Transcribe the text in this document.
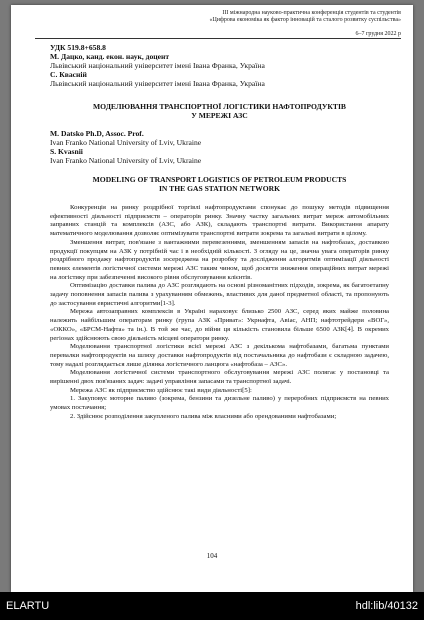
ІІІ міжнародна науково-практична конференція студентів та студентів
«Цифрова економіка як фактор інновацій та сталого розвитку суспільства»
6–7 грудня 2022 р
УДК 519.8+658.8
М. Дацко, канд. екон. наук, доцент
Львівський національний університет імені Івана Франка, Україна
С. Квасній
Львівський національний університет імені Івана Франка, Україна
МОДЕЛЮВАННЯ ТРАНСПОРТНОЇ ЛОГІСТИКИ НАФТОПРОДУКТІВ
У МЕРЕЖІ АЗС
M. Datsko Ph.D, Assoc. Prof.
Ivan Franko National University of Lviv, Ukraine
S. Kvasnii
Ivan Franko National University of Lviv, Ukraine
MODELING OF TRANSPORT LOGISTICS OF PETROLEUM PRODUCTS
IN THE GAS STATION NETWORK

Конкуренція на ринку роздрібної торгівлі нафтопродуктами спонукає до пошуку методів підвищення ефективності діяльності підприємств – операторів ринку. Значну частку загальних витрат мереж автомобільних заправних станцій та комплексів (АЗС, або АЗК), складають транспортні витрати. Використання апарату математичного моделювання дозволяє оптимізувати транспортні витрати зокрема та загальні витрати в цілому.

Зменшення витрат, пов'язане з вантажними перевезеннями, зменшенням запасів на нафтобазах, доставкою продукції покупцям на АЗК у потрібній час і в необхідній кількості. З огляду на це, значна увага операторів ринку роздрібного продажу нафтопродуктів зосереджена на розробку та дослідження алгоритмів оптимізації діяльності певних елементів логістичної системи мережі АЗС таким чином, щоб досягти зниження операційних витрат мережі на логістику при забезпеченні високого рівня обслуговування клієнтів.

Оптимізацію доставки палива до АЗС розглядають на основі різноманітних підходів, зокрема, як багатоетапну задачу поповнення запасів палива з урахуванням обмежень, властивих для даної предметної області, та пропонують до застосування евристичні алгоритми[1-3].

Мережа автозаправних комплексів в Україні нараховує близько 2500 АЗС, серед яких майже половина належить найбільшим операторам ринку (група АЗК «Приват»: Укрнафта, Авіас, АНП; нафтотрейдери «ВОГ», «ОККО», «БРСМ-Нафта» та ін.). В той же час, до війни ця кількість становила більше 6500 АЗК[4]. В окремих регіонах здійснюють свою діяльність місцеві оператори ринку.

Моделювання транспортної логістики всієї мережі АЗС з декількома нафтобазами, багатьма пунктами перевалки нафтопродуктів на шляху доставки нафтопродуктів від постачальника до нафтобази є складною задачею, тому надалі розглядається лише ділянка логістичного ланцюга «нафтобаза – АЗС».

Моделювання логістичної системи транспортного обслуговування мережі АЗС полягає у постановці та вирішенні двох пов'язаних задач: задачі управління запасами та транспортної задачі.

Мережа АЗС як підприємство здійснює такі види діяльності[5]:

1. Закуповує моторне паливо (зокрема, бензини та дизельне паливо) у переробних підприємств на певних умовах постачання;

2. Здійснює розподілення закупленого палива між власними або орендованими нафтобазами;

104
ELARTU	hdl:lib/40132
